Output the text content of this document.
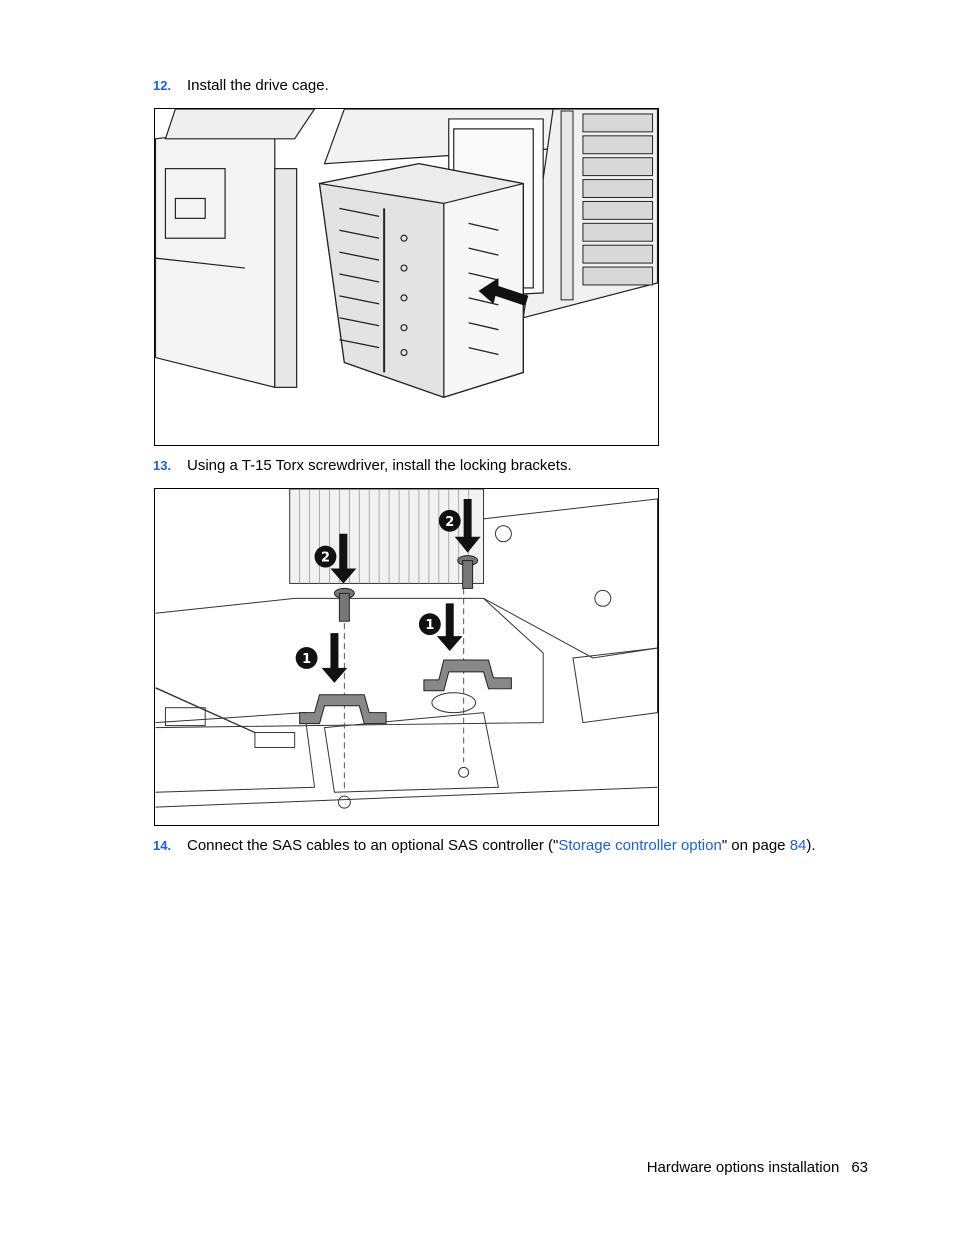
12. Install the drive cage.
13. Using a T-15 Torx screwdriver, install the locking brackets.
2
2
1
1
14. Connect the SAS cables to an optional SAS controller ("Storage controller option" on page 84).
Hardware options installation 63
